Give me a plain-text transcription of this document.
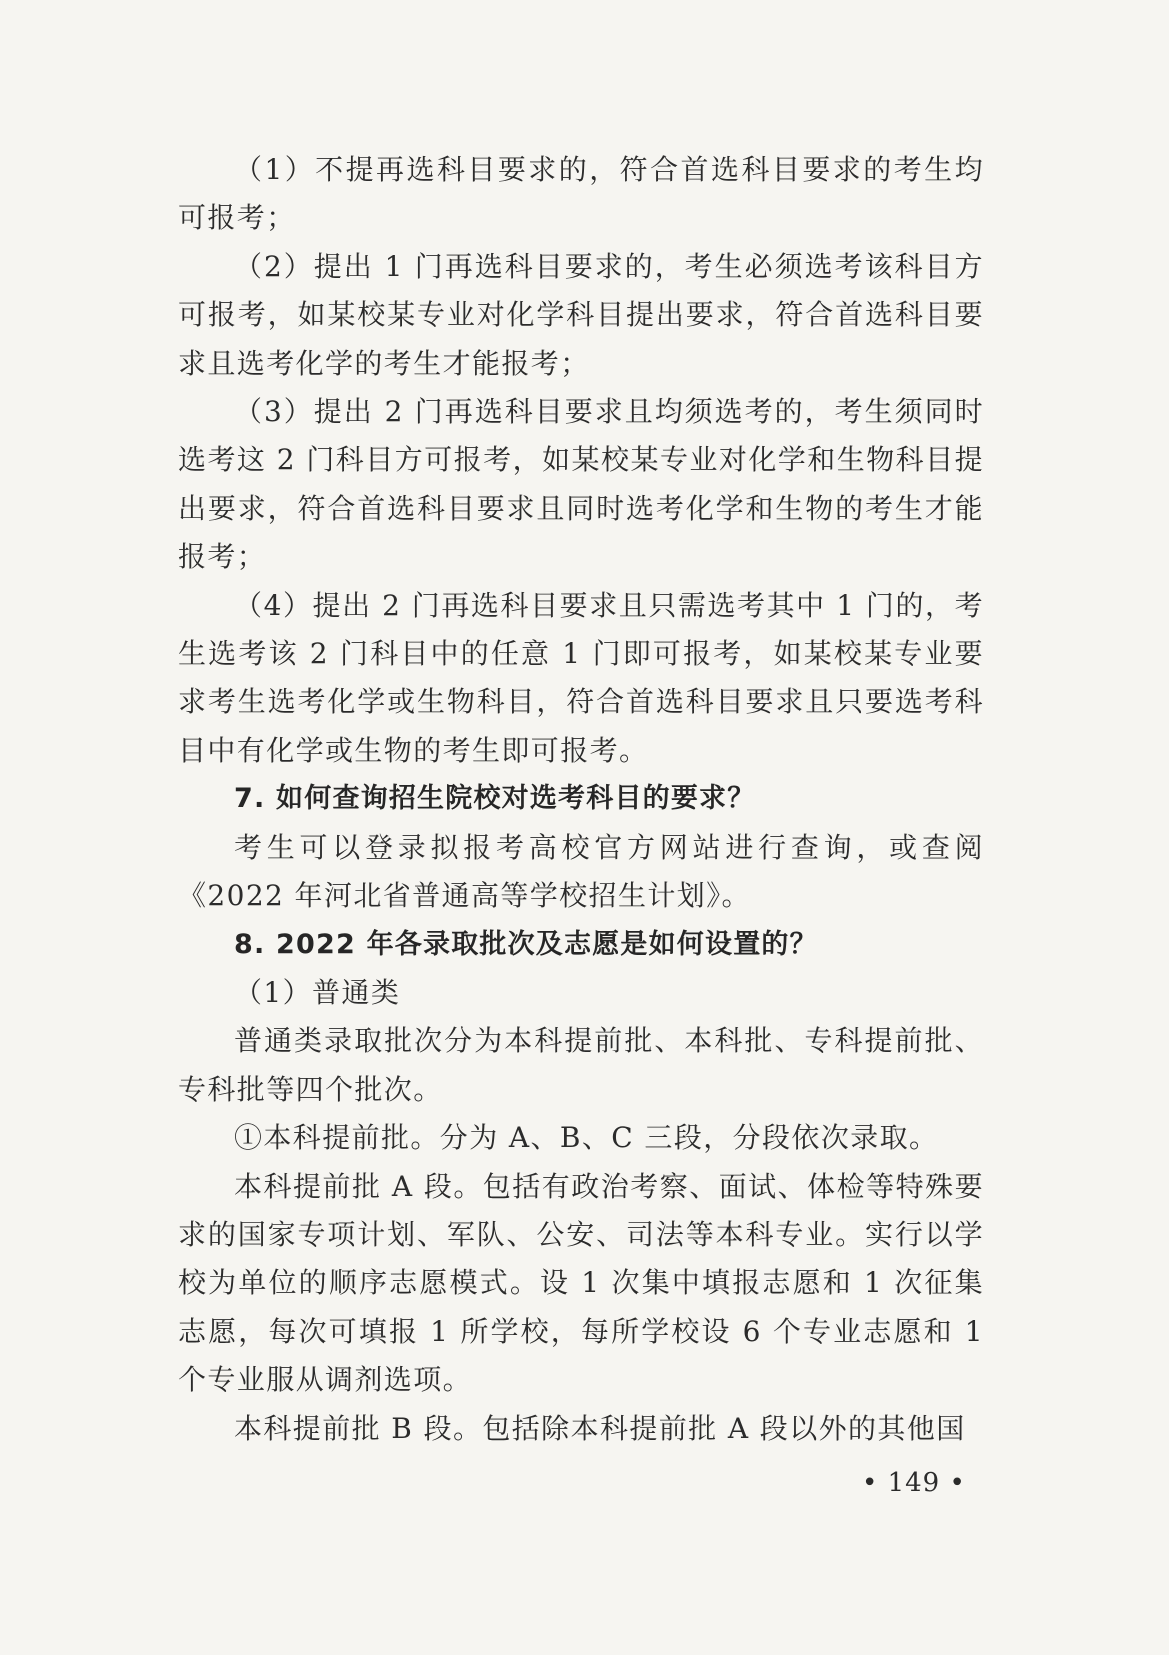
（1）不提再选科目要求的，符合首选科目要求的考生均可报考；

（2）提出 1 门再选科目要求的，考生必须选考该科目方可报考，如某校某专业对化学科目提出要求，符合首选科目要求且选考化学的考生才能报考；

（3）提出 2 门再选科目要求且均须选考的，考生须同时选考这 2 门科目方可报考，如某校某专业对化学和生物科目提出要求，符合首选科目要求且同时选考化学和生物的考生才能报考；

（4）提出 2 门再选科目要求且只需选考其中 1 门的，考生选考该 2 门科目中的任意 1 门即可报考，如某校某专业要求考生选考化学或生物科目，符合首选科目要求且只要选考科目中有化学或生物的考生即可报考。

7. 如何查询招生院校对选考科目的要求？

考生可以登录拟报考高校官方网站进行查询，或查阅《2022 年河北省普通高等学校招生计划》。

8. 2022 年各录取批次及志愿是如何设置的？

（1）普通类

普通类录取批次分为本科提前批、本科批、专科提前批、专科批等四个批次。

①本科提前批。分为 A、B、C 三段，分段依次录取。

本科提前批 A 段。包括有政治考察、面试、体检等特殊要求的国家专项计划、军队、公安、司法等本科专业。实行以学校为单位的顺序志愿模式。设 1 次集中填报志愿和 1 次征集志愿，每次可填报 1 所学校，每所学校设 6 个专业志愿和 1 个专业服从调剂选项。

本科提前批 B 段。包括除本科提前批 A 段以外的其他国

• 149 •
